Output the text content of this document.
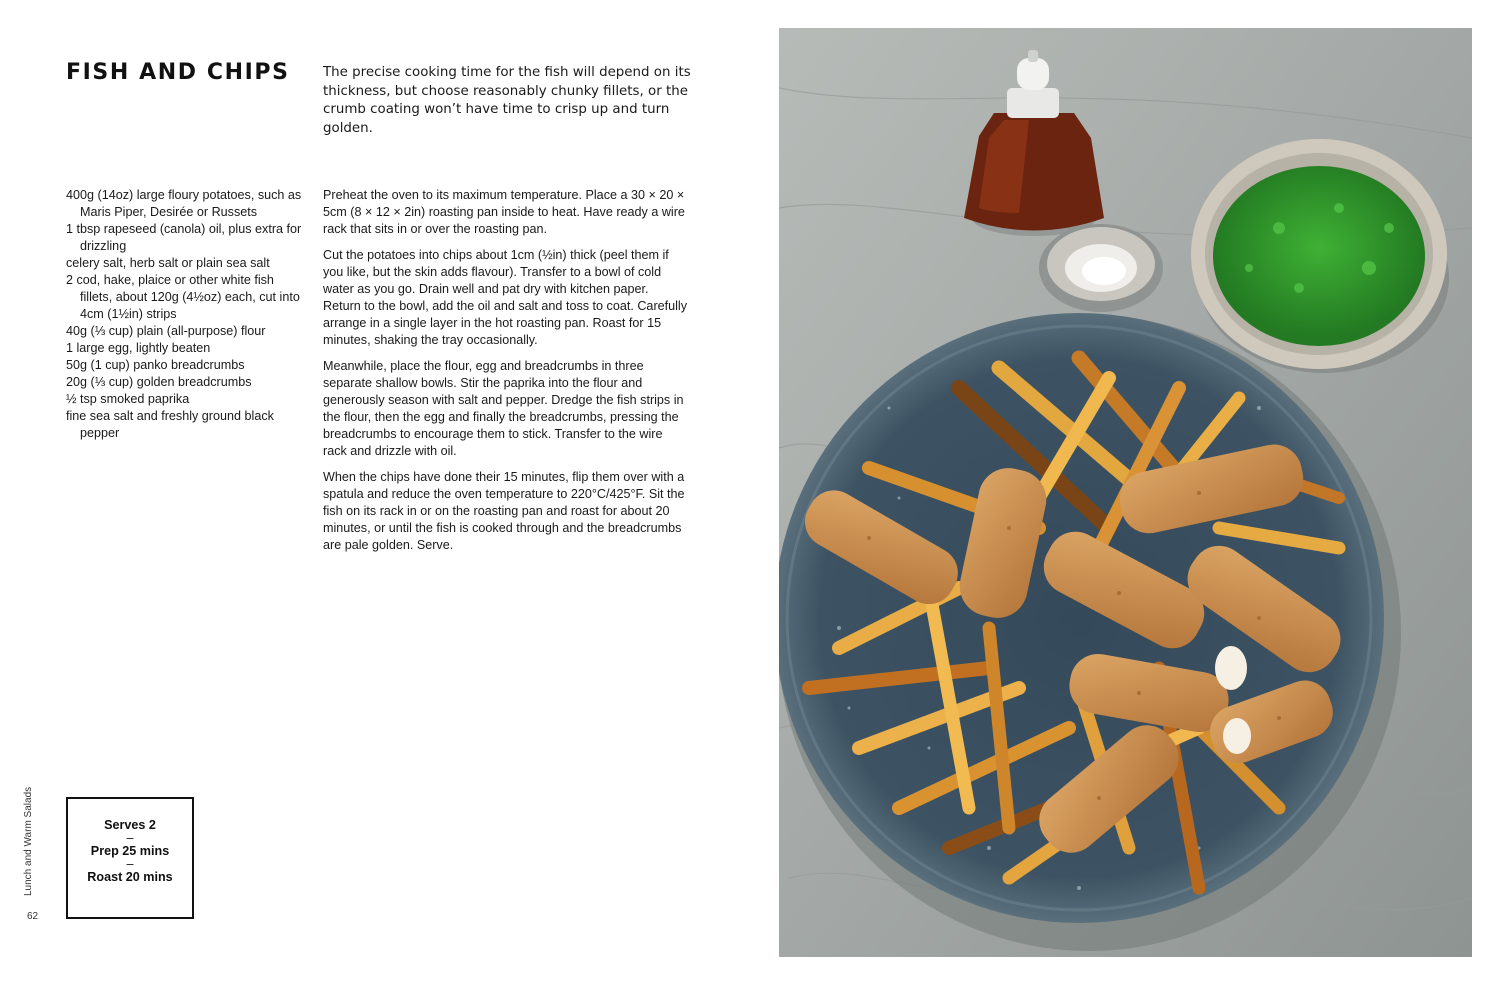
FISH AND CHIPS The precise cooking time for the fish will depend on its thickness, but choose reasonably chunky fillets, or the crumb coating won’t have time to crisp up and turn golden.

400g (14oz) large floury potatoes, such as Maris Piper, Desirée or Russets
1 tbsp rapeseed (canola) oil, plus extra for drizzling
celery salt, herb salt or plain sea salt
2 cod, hake, plaice or other white fish fillets, about 120g (4½oz) each, cut into 4cm (1½in) strips
40g (⅓ cup) plain (all-purpose) flour
1 large egg, lightly beaten
50g (1 cup) panko breadcrumbs
20g (⅓ cup) golden breadcrumbs
½ tsp smoked paprika
fine sea salt and freshly ground black pepper

Preheat the oven to its maximum temperature. Place a 30 × 20 × 5cm (8 × 12 × 2in) roasting pan inside to heat. Have ready a wire rack that sits in or over the roasting pan.

Cut the potatoes into chips about 1cm (½in) thick (peel them if you like, but the skin adds flavour). Transfer to a bowl of cold water as you go. Drain well and pat dry with kitchen paper. Return to the bowl, add the oil and salt and toss to coat. Carefully arrange in a single layer in the hot roasting pan. Roast for 15 minutes, shaking the tray occasionally.

Meanwhile, place the flour, egg and breadcrumbs in three separate shallow bowls. Stir the paprika into the flour and generously season with salt and pepper. Dredge the fish strips in the flour, then the egg and finally the breadcrumbs, pressing the breadcrumbs to encourage them to stick. Transfer to the wire rack and drizzle with oil.

When the chips have done their 15 minutes, flip them over with a spatula and reduce the oven temperature to 220°C/425°F. Sit the fish on its rack in or on the roasting pan and roast for about 20 minutes, or until the fish is cooked through and the breadcrumbs are pale golden. Serve.

Serves 2
–
Prep 25 mins
–
Roast 20 mins
Lunch and Warm Salads
62
